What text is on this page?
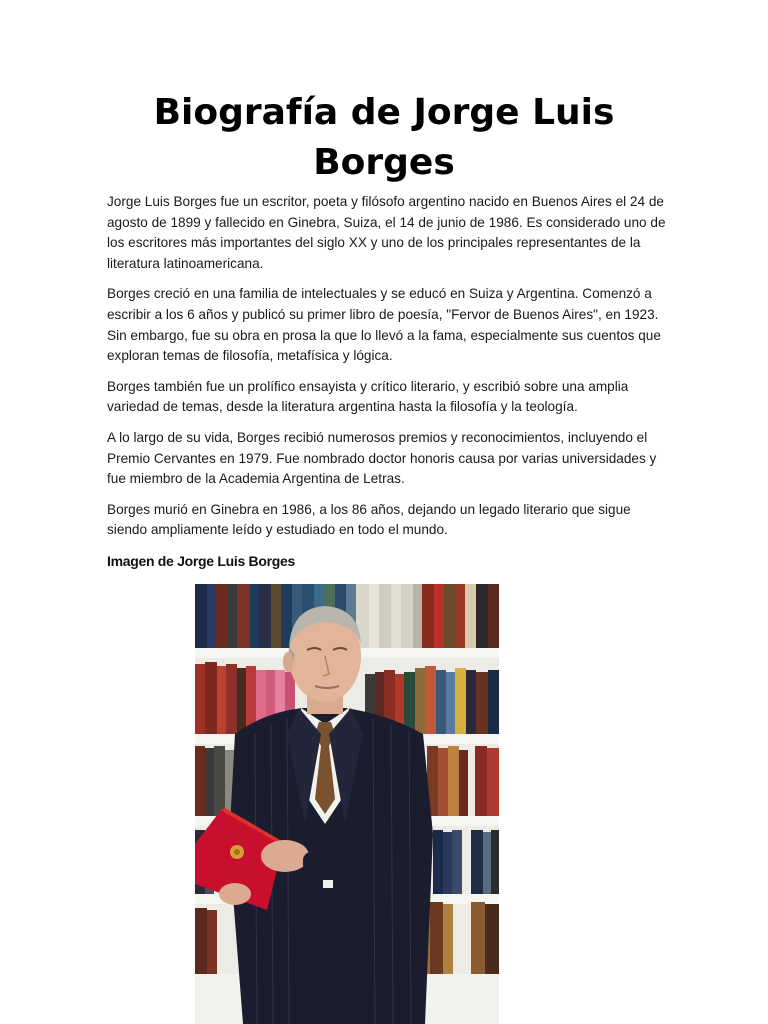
Biografía de Jorge Luis Borges

Jorge Luis Borges fue un escritor, poeta y filósofo argentino nacido en Buenos Aires el 24 de agosto de 1899 y fallecido en Ginebra, Suiza, el 14 de junio de 1986. Es considerado uno de los escritores más importantes del siglo XX y uno de los principales representantes de la literatura latinoamericana.

Borges creció en una familia de intelectuales y se educó en Suiza y Argentina. Comenzó a escribir a los 6 años y publicó su primer libro de poesía, "Fervor de Buenos Aires", en 1923. Sin embargo, fue su obra en prosa la que lo llevó a la fama, especialmente sus cuentos que exploran temas de filosofía, metafísica y lógica.

Borges también fue un prolífico ensayista y crítico literario, y escribió sobre una amplia variedad de temas, desde la literatura argentina hasta la filosofía y la teología.

A lo largo de su vida, Borges recibió numerosos premios y reconocimientos, incluyendo el Premio Cervantes en 1979. Fue nombrado doctor honoris causa por varias universidades y fue miembro de la Academia Argentina de Letras.

Borges murió en Ginebra en 1986, a los 86 años, dejando un legado literario que sigue siendo ampliamente leído y estudiado en todo el mundo.

Imagen de Jorge Luis Borges
